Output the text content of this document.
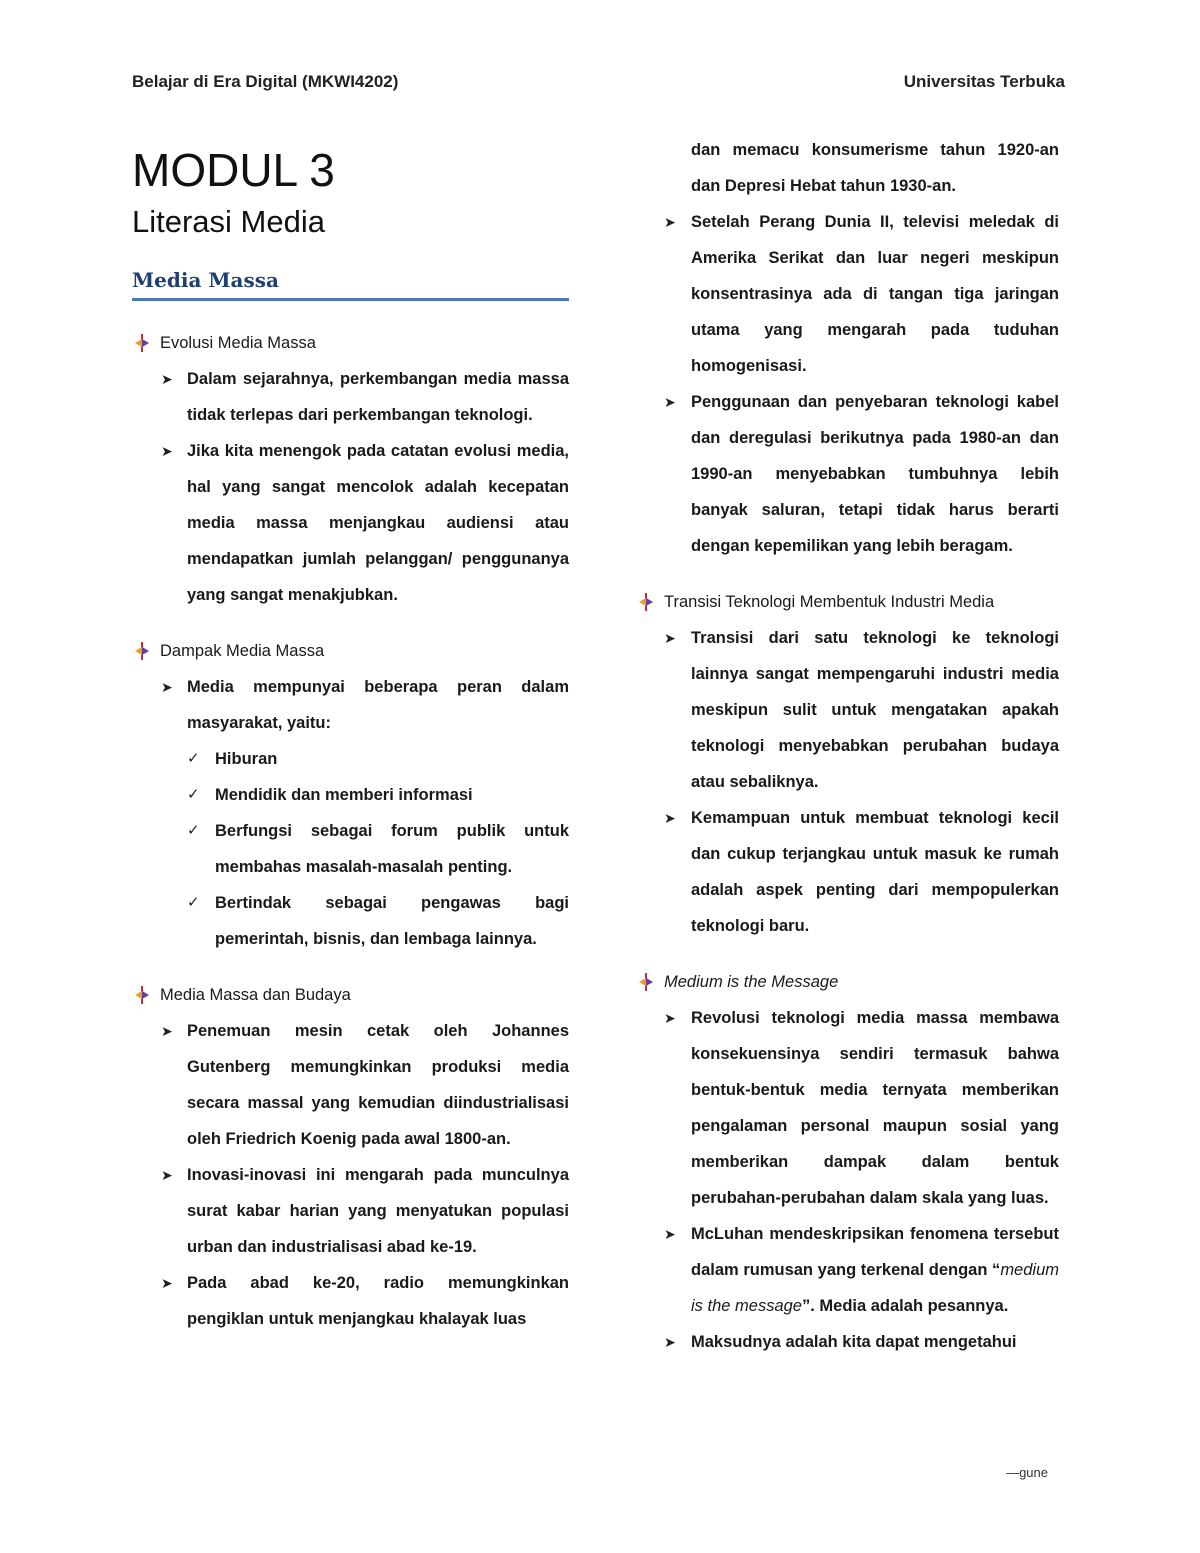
Belajar di Era Digital (MKWI4202)	Universitas Terbuka
MODUL 3
Literasi Media
Media Massa
Evolusi Media Massa
➤ Dalam sejarahnya, perkembangan media massa tidak terlepas dari perkembangan teknologi.
➤ Jika kita menengok pada catatan evolusi media, hal yang sangat mencolok adalah kecepatan media massa menjangkau audiensi atau mendapatkan jumlah pelanggan/ penggunanya yang sangat menakjubkan.
Dampak Media Massa
➤ Media mempunyai beberapa peran dalam masyarakat, yaitu:
✓ Hiburan
✓ Mendidik dan memberi informasi
✓ Berfungsi sebagai forum publik untuk membahas masalah-masalah penting.
✓ Bertindak sebagai pengawas bagi pemerintah, bisnis, dan lembaga lainnya.
Media Massa dan Budaya
➤ Penemuan mesin cetak oleh Johannes Gutenberg memungkinkan produksi media secara massal yang kemudian diindustrialisasi oleh Friedrich Koenig pada awal 1800-an.
➤ Inovasi-inovasi ini mengarah pada munculnya surat kabar harian yang menyatukan populasi urban dan industrialisasi abad ke-19.
➤ Pada abad ke-20, radio memungkinkan pengiklan untuk menjangkau khalayak luas
dan memacu konsumerisme tahun 1920-an dan Depresi Hebat tahun 1930-an.
➤ Setelah Perang Dunia II, televisi meledak di Amerika Serikat dan luar negeri meskipun konsentrasinya ada di tangan tiga jaringan utama yang mengarah pada tuduhan homogenisasi.
➤ Penggunaan dan penyebaran teknologi kabel dan deregulasi berikutnya pada 1980-an dan 1990-an menyebabkan tumbuhnya lebih banyak saluran, tetapi tidak harus berarti dengan kepemilikan yang lebih beragam.
Transisi Teknologi Membentuk Industri Media
➤ Transisi dari satu teknologi ke teknologi lainnya sangat mempengaruhi industri media meskipun sulit untuk mengatakan apakah teknologi menyebabkan perubahan budaya atau sebaliknya.
➤ Kemampuan untuk membuat teknologi kecil dan cukup terjangkau untuk masuk ke rumah adalah aspek penting dari mempopulerkan teknologi baru.
Medium is the Message
➤ Revolusi teknologi media massa membawa konsekuensinya sendiri termasuk bahwa bentuk-bentuk media ternyata memberikan pengalaman personal maupun sosial yang memberikan dampak dalam bentuk perubahan-perubahan dalam skala yang luas.
➤ McLuhan mendeskripsikan fenomena tersebut dalam rumusan yang terkenal dengan “medium is the message”. Media adalah pesannya.
➤ Maksudnya adalah kita dapat mengetahui
—gune
